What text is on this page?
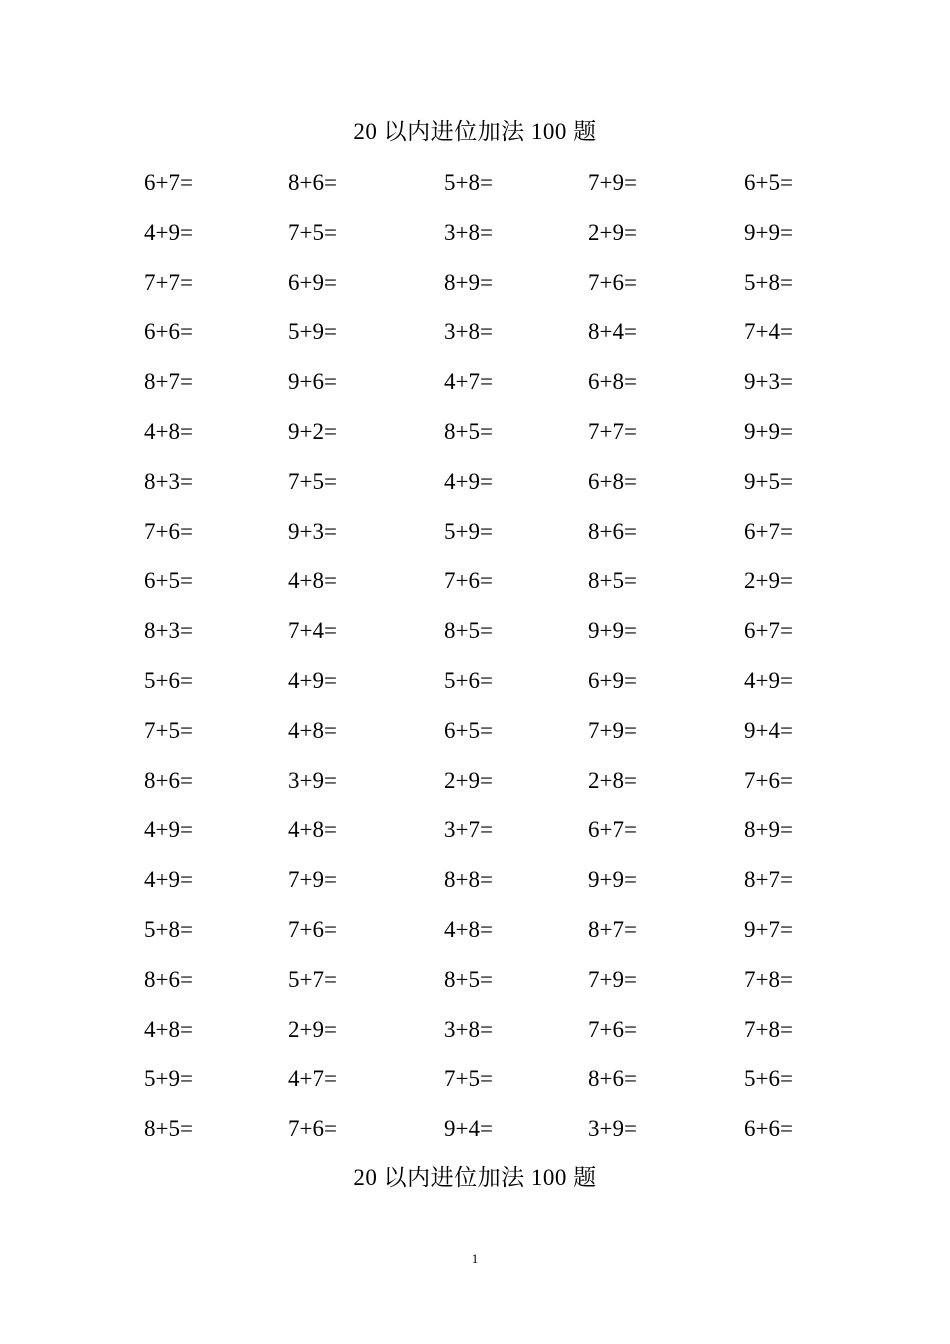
20 以内进位加法 100 题
6+7=	8+6=	5+8=	7+9=	6+5=
4+9=	7+5=	3+8=	2+9=	9+9=
7+7=	6+9=	8+9=	7+6=	5+8=
6+6=	5+9=	3+8=	8+4=	7+4=
8+7=	9+6=	4+7=	6+8=	9+3=
4+8=	9+2=	8+5=	7+7=	9+9=
8+3=	7+5=	4+9=	6+8=	9+5=
7+6=	9+3=	5+9=	8+6=	6+7=
6+5=	4+8=	7+6=	8+5=	2+9=
8+3=	7+4=	8+5=	9+9=	6+7=
5+6=	4+9=	5+6=	6+9=	4+9=
7+5=	4+8=	6+5=	7+9=	9+4=
8+6=	3+9=	2+9=	2+8=	7+6=
4+9=	4+8=	3+7=	6+7=	8+9=
4+9=	7+9=	8+8=	9+9=	8+7=
5+8=	7+6=	4+8=	8+7=	9+7=
8+6=	5+7=	8+5=	7+9=	7+8=
4+8=	2+9=	3+8=	7+6=	7+8=
5+9=	4+7=	7+5=	8+6=	5+6=
8+5=	7+6=	9+4=	3+9=	6+6=
20 以内进位加法 100 题
1
